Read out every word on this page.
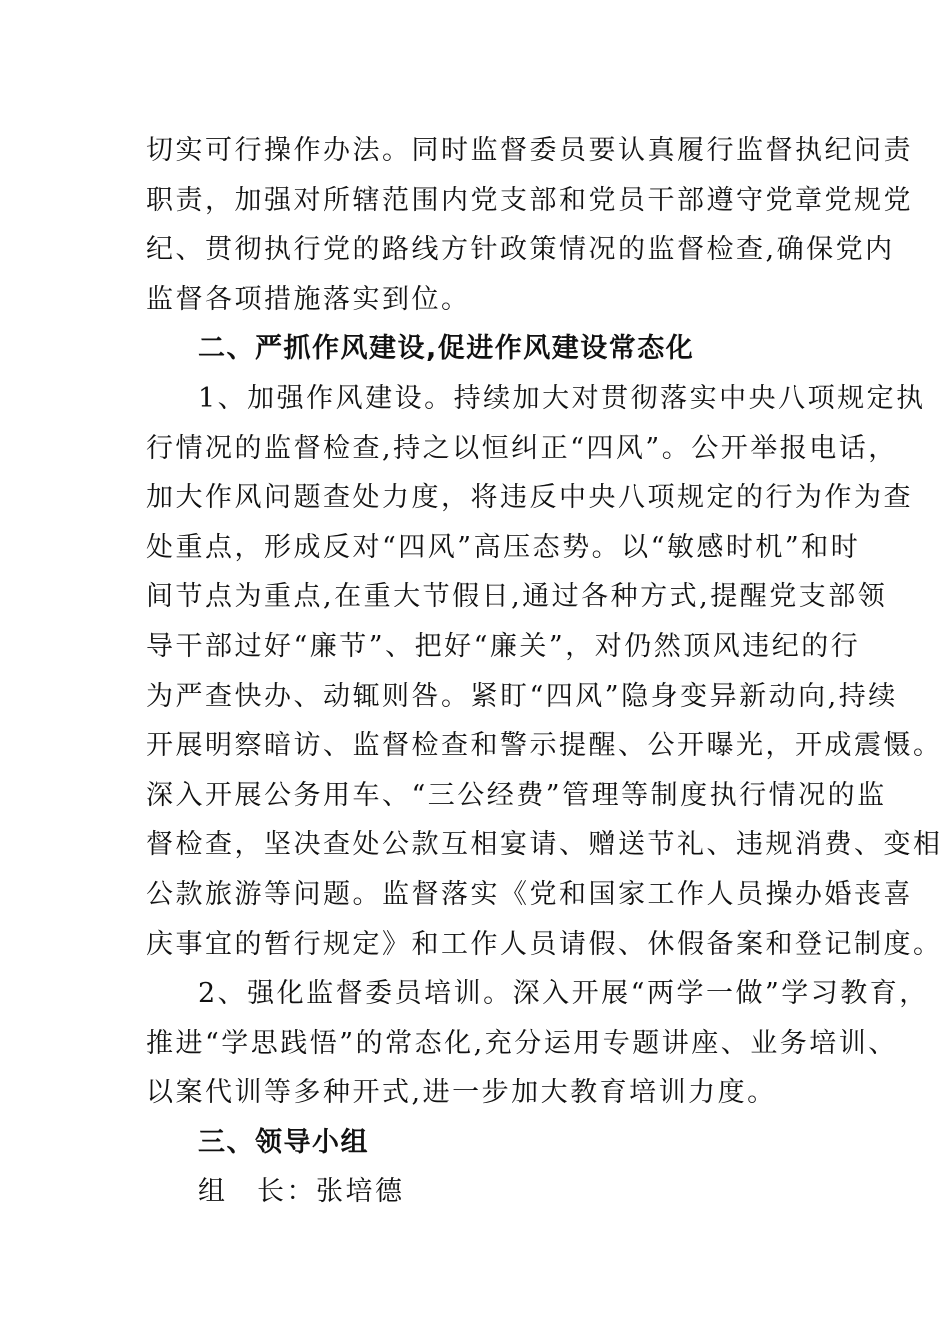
切实可行操作办法。同时监督委员要认真履行监督执纪问责
职责，加强对所辖范围内党支部和党员干部遵守党章党规党
纪、贯彻执行党的路线方针政策情况的监督检查,确保党内
监督各项措施落实到位。
二、严抓作风建设,促进作风建设常态化
1、加强作风建设。持续加大对贯彻落实中央八项规定执
行情况的监督检查,持之以恒纠正“四风”。公开举报电话，
加大作风问题查处力度，将违反中央八项规定的行为作为查
处重点，形成反对“四风”高压态势。以“敏感时机”和时
间节点为重点,在重大节假日,通过各种方式,提醒党支部领
导干部过好“廉节”、把好“廉关”，对仍然顶风违纪的行
为严查快办、动辄则咎。紧盯“四风”隐身变异新动向,持续
开展明察暗访、监督检查和警示提醒、公开曝光，开成震慑。
深入开展公务用车、“三公经费”管理等制度执行情况的监
督检查，坚决查处公款互相宴请、赠送节礼、违规消费、变相
公款旅游等问题。监督落实《党和国家工作人员操办婚丧喜
庆事宜的暂行规定》和工作人员请假、休假备案和登记制度。
2、强化监督委员培训。深入开展“两学一做”学习教育，
推进“学思践悟”的常态化,充分运用专题讲座、业务培训、
以案代训等多种开式,进一步加大教育培训力度。
三、领导小组
组　长：张培德
